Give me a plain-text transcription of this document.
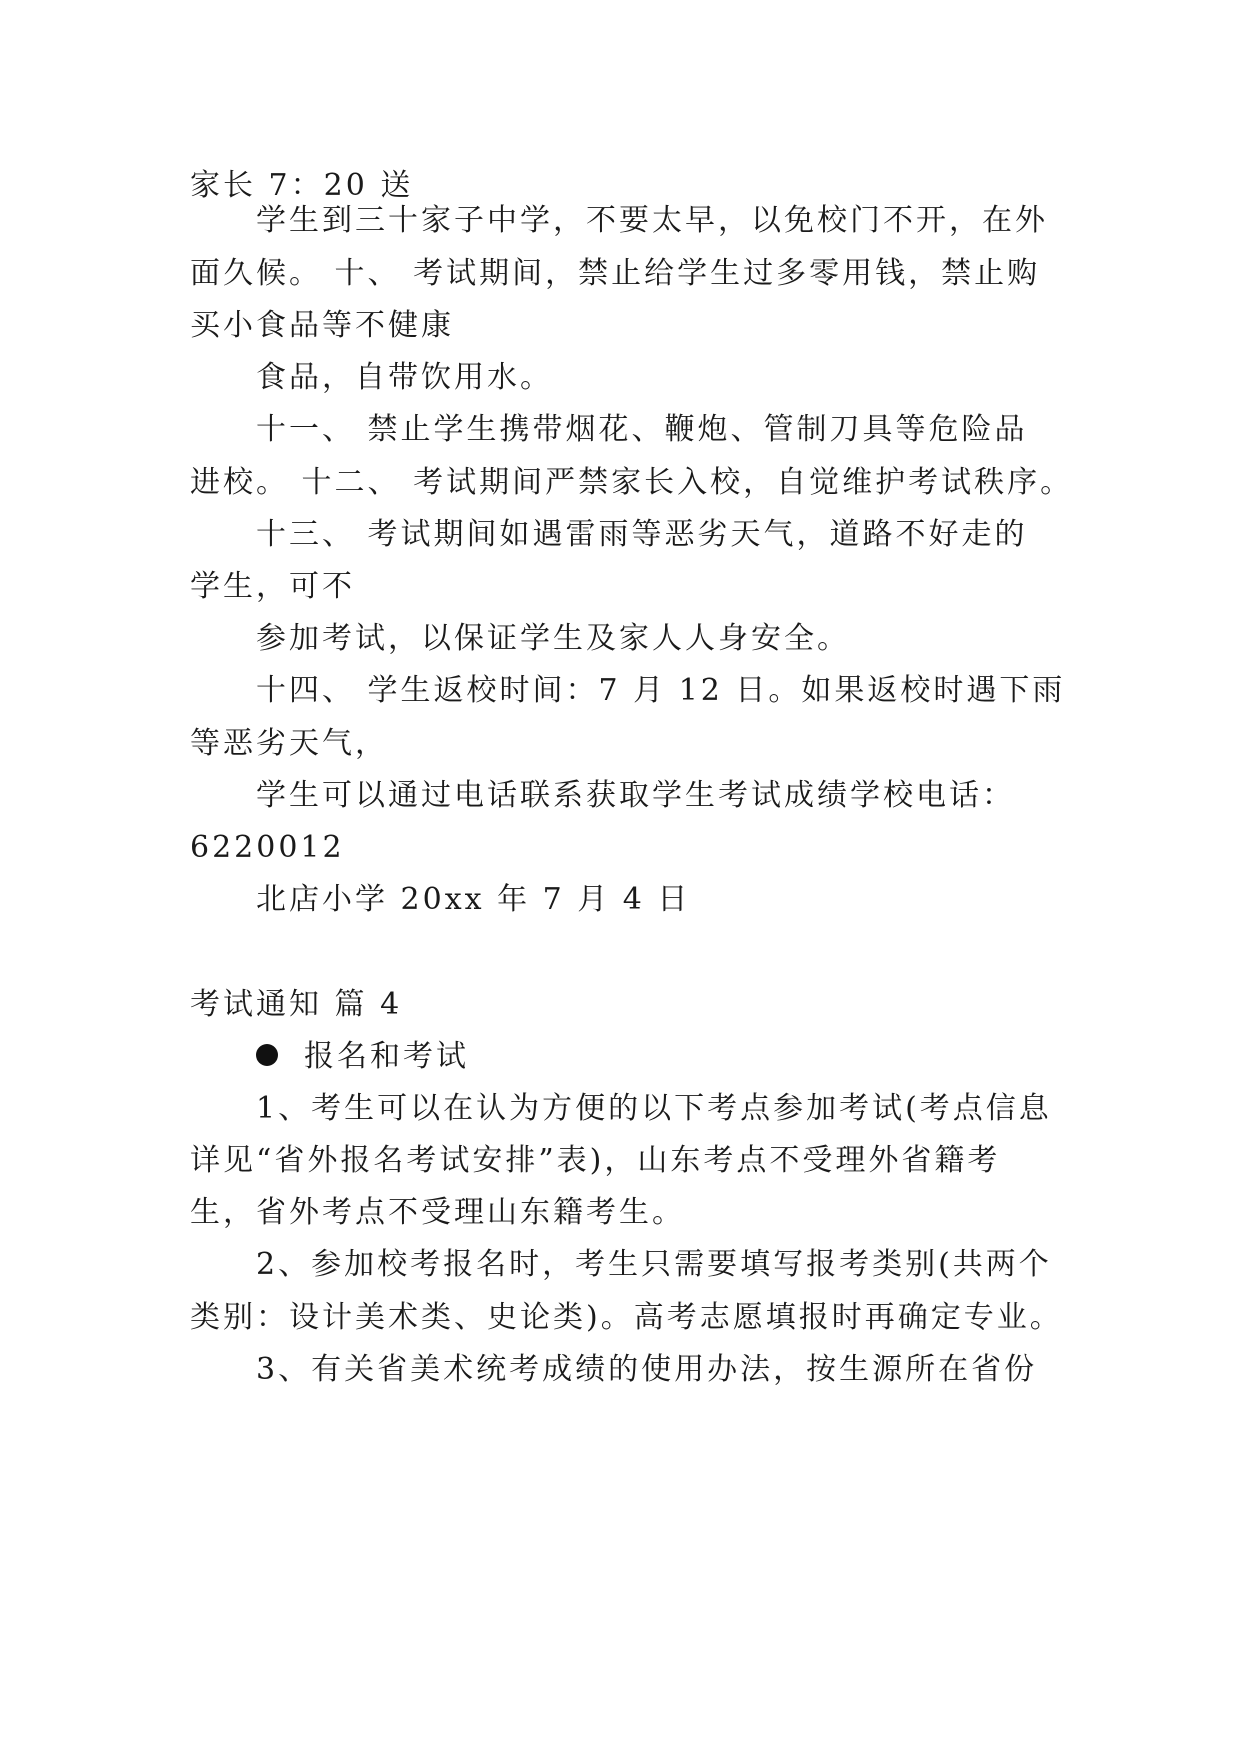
家长 7：20 送
学生到三十家子中学，不要太早，以免校门不开，在外
面久候。 十、 考试期间，禁止给学生过多零用钱，禁止购
买小食品等不健康
食品，自带饮用水。
十一、 禁止学生携带烟花、鞭炮、管制刀具等危险品
进校。 十二、 考试期间严禁家长入校，自觉维护考试秩序。
十三、 考试期间如遇雷雨等恶劣天气，道路不好走的
学生，可不
参加考试，以保证学生及家人人身安全。
十四、 学生返校时间：7 月 12 日。如果返校时遇下雨
等恶劣天气，
学生可以通过电话联系获取学生考试成绩学校电话：
6220012
北店小学 20xx 年 7 月 4 日
考试通知 篇 4
报名和考试
1、考生可以在认为方便的以下考点参加考试(考点信息
详见“省外报名考试安排”表)，山东考点不受理外省籍考
生，省外考点不受理山东籍考生。
2、参加校考报名时，考生只需要填写报考类别(共两个
类别：设计美术类、史论类)。高考志愿填报时再确定专业。
3、有关省美术统考成绩的使用办法，按生源所在省份
